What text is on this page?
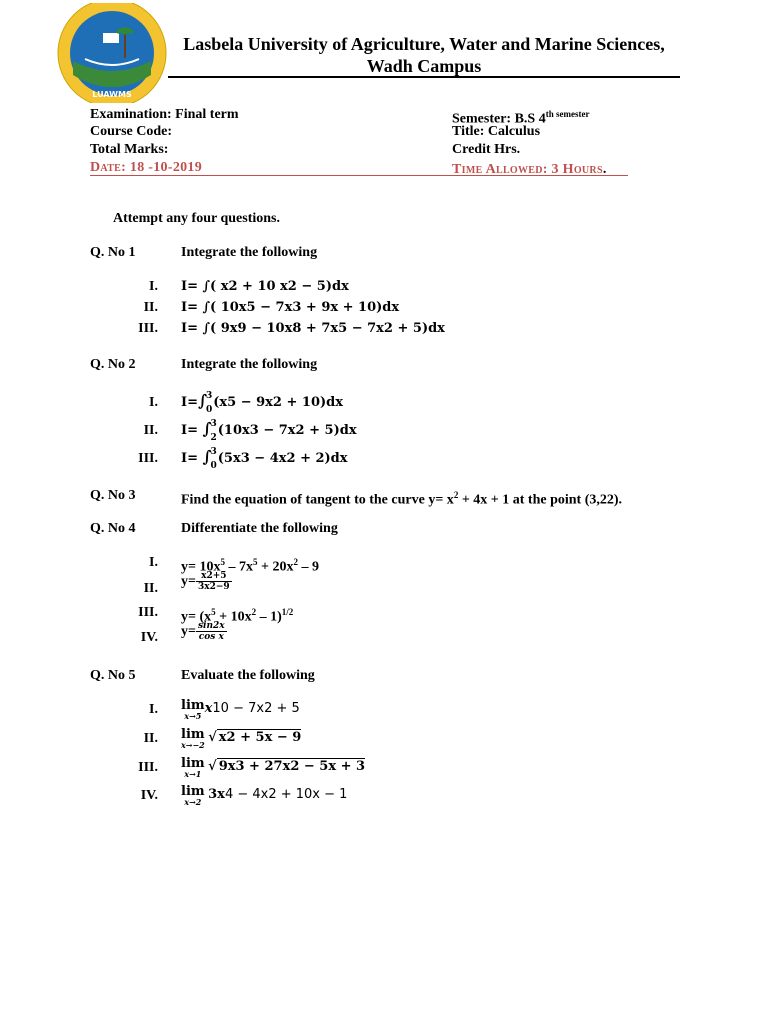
LUAWMS
Lasbela University of Agriculture, Water and Marine Sciences,
Wadh Campus
Examination: Final term
Course Code:
Total Marks:
Date: 18 -10-2019
Semester: B.S $4^{th semester}$
Title: Calculus
Credit Hrs.
Time Allowed: 3 Hours.
Attempt any four questions.
Q. No 1	Integrate the following
I. I= ∫( x2 + 10 x2 − 5)dx
II. I= ∫( 10x5 − 7x3 + 9x + 10)dx
III. I= ∫( 9x9 − 10x8 + 7x5 − 7x2 + 5)dx
Q. No 2	Integrate the following
I. I=∫
3
0 (x5 − 9x2 + 10)dx
II. I= ∫
3
2 (10x3 − 7x2 + 5)dx
III. I= ∫
3
0 (5x3 − 4x2 + 2)dx
Q. No 3	Find the equation of tangent to the curve $y= x^2 + 4x + 1$ at the point (3,22).
Q. No 4	Differentiate the following
I. $y= 10x^5 - 7x^5 + 20x^2 - 9$
II. $y= \frac{x2+5}{3x2-9}$
III. $y= (x^5 + 10x^2 - 1)^{1/2}$
IV. $y= \frac{\sin 2x}{\text{cos x}}$
Q. No 5	Evaluate the following
I. lim
x→5 x10 − 7x2 + 5
II. lim
x→−2 √ x2 + 5x − 9
III. lim
x→1 √ 9x3 + 27x2 − 5x + 3
IV. lim
x→2 3x4 − 4x2 + 10x − 1
